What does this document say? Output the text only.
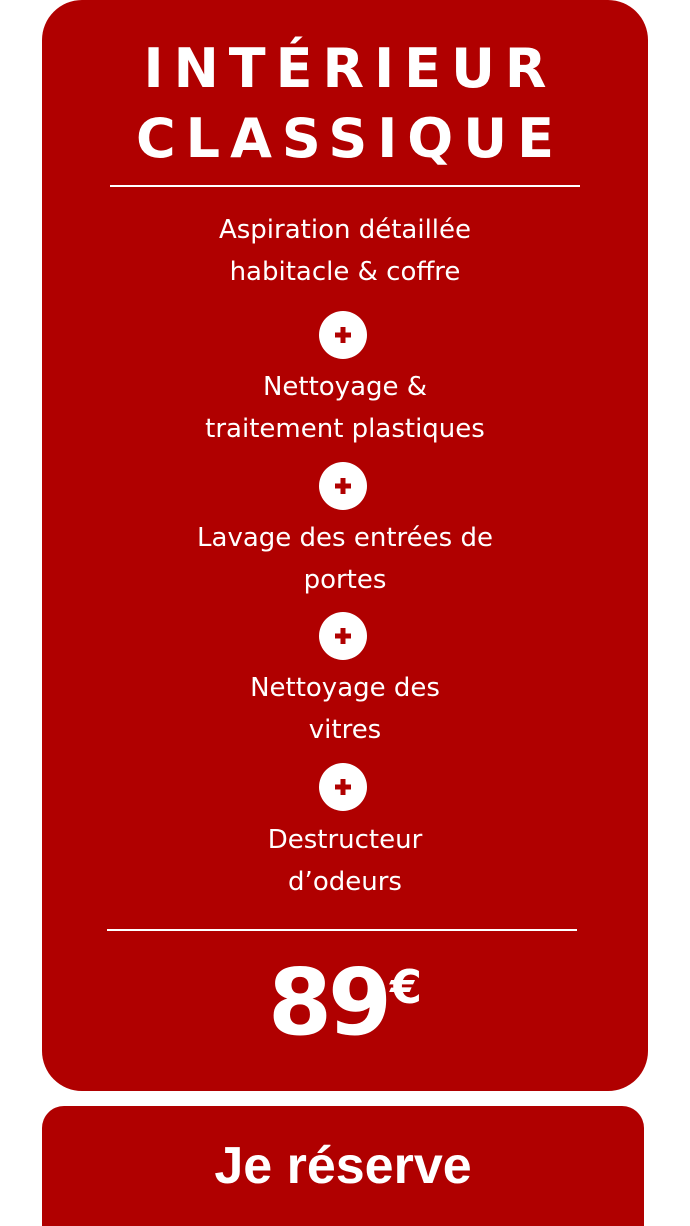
INTÉRIEUR
CLASSIQUE
Aspiration détaillée
habitacle & coffre
Nettoyage &
traitement plastiques
Lavage des entrées de
portes
Nettoyage des
vitres
Destructeur
d’odeurs
89€
Je réserve
